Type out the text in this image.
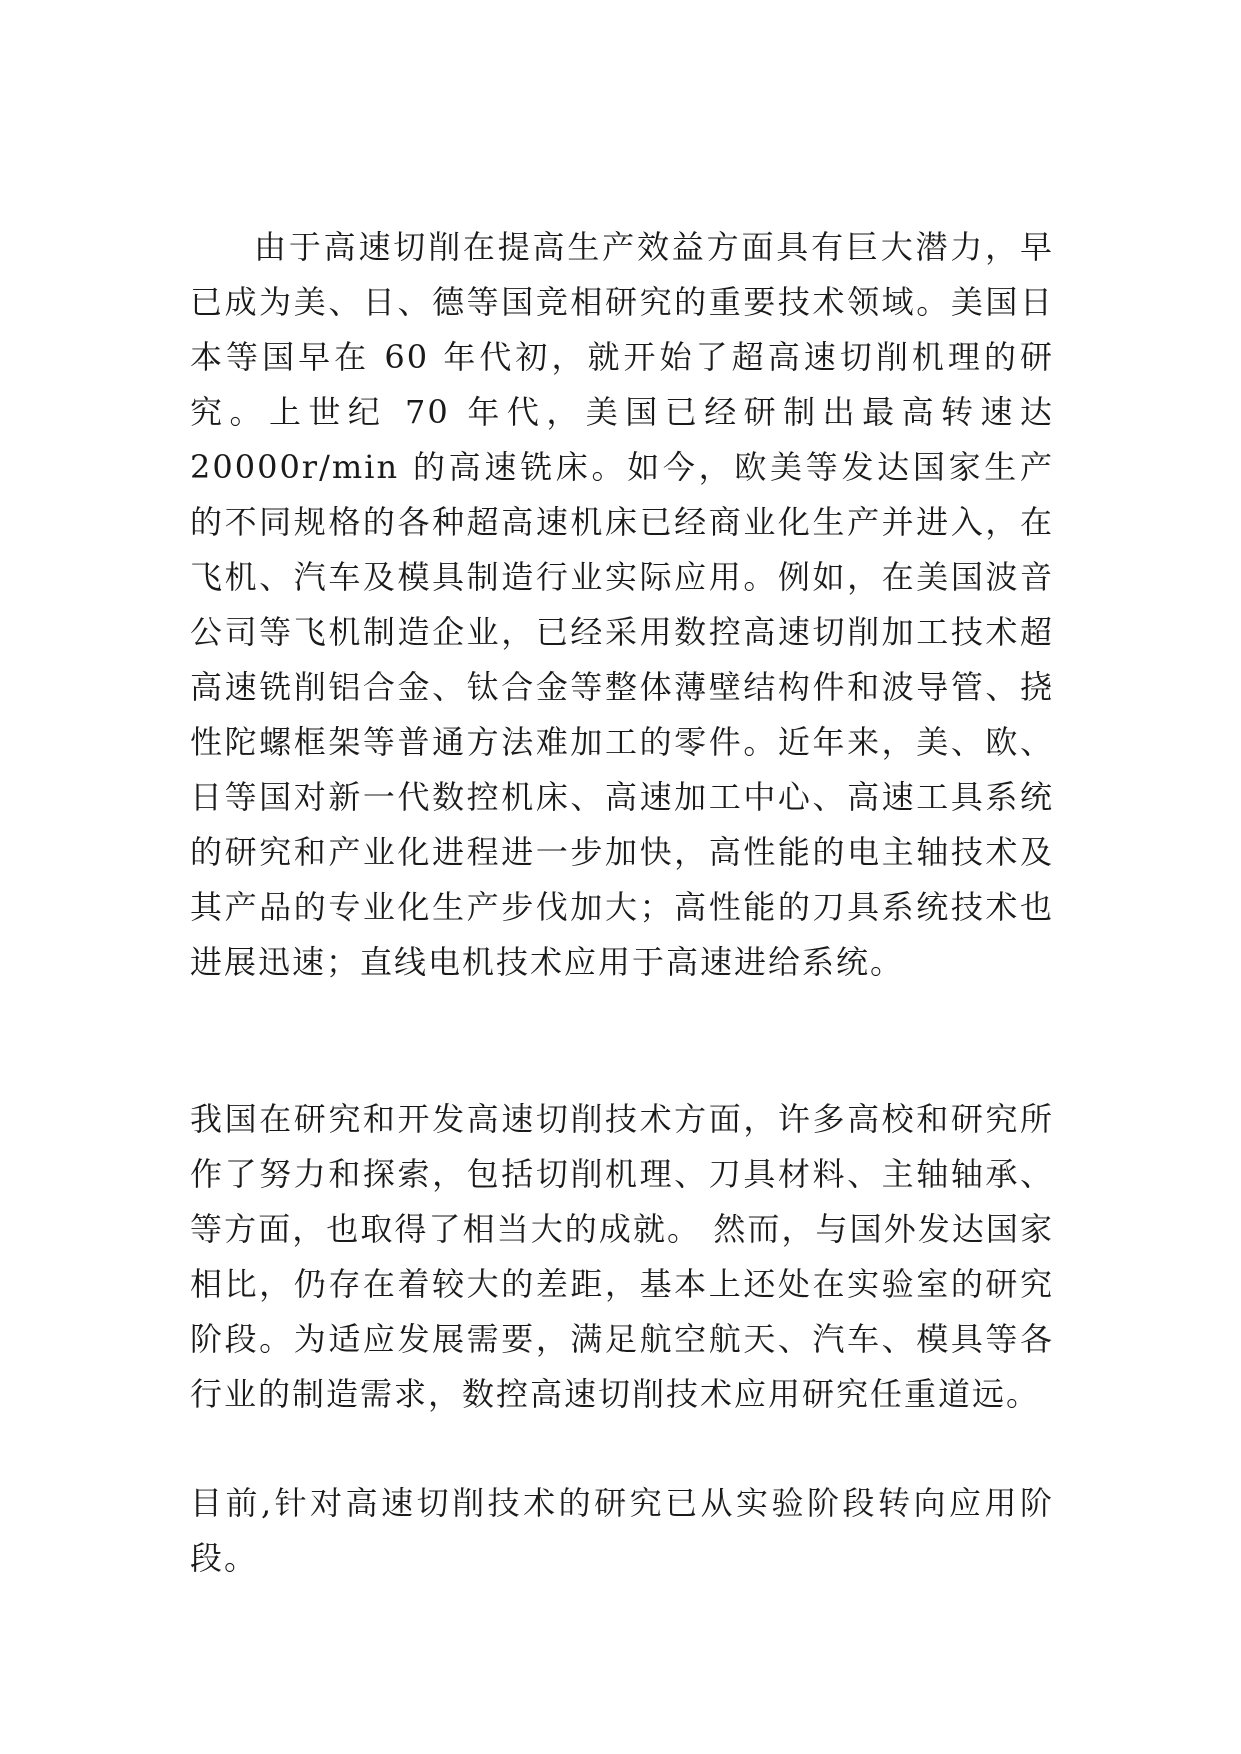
由于高速切削在提高生产效益方面具有巨大潜力，早已成为美、日、德等国竞相研究的重要技术领域。美国日本等国早在 60 年代初，就开始了超高速切削机理的研究。上世纪 70 年代，美国已经研制出最高转速达 20000r/min 的高速铣床。如今，欧美等发达国家生产的不同规格的各种超高速机床已经商业化生产并进入，在飞机、汽车及模具制造行业实际应用。例如，在美国波音公司等飞机制造企业，已经采用数控高速切削加工技术超高速铣削铝合金、钛合金等整体薄壁结构件和波导管、挠性陀螺框架等普通方法难加工的零件。近年来，美、欧、日等国对新一代数控机床、高速加工中心、高速工具系统的研究和产业化进程进一步加快，高性能的电主轴技术及其产品的专业化生产步伐加大；高性能的刀具系统技术也进展迅速；直线电机技术应用于高速进给系统。

我国在研究和开发高速切削技术方面，许多高校和研究所作了努力和探索，包括切削机理、刀具材料、主轴轴承、等方面，也取得了相当大的成就。 然而，与国外发达国家相比，仍存在着较大的差距，基本上还处在实验室的研究阶段。为适应发展需要，满足航空航天、汽车、模具等各行业的制造需求，数控高速切削技术应用研究任重道远。

目前,针对高速切削技术的研究已从实验阶段转向应用阶段。
